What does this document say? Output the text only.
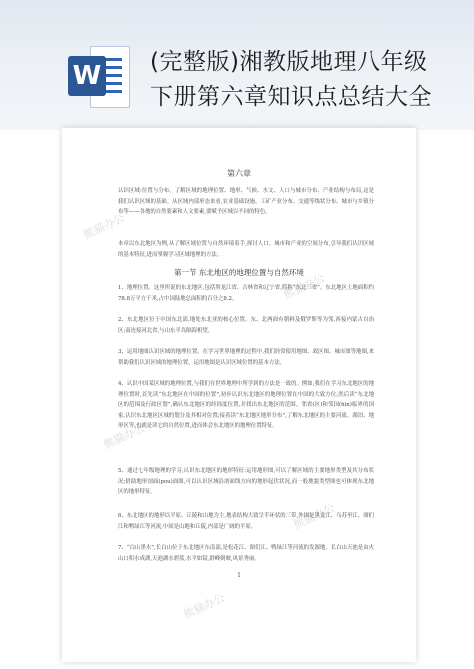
W (完整版)湘教版地理八年级
下册第六章知识点总结大全
熊猫办公
熊猫办公
熊猫办公
熊猫办公
熊猫办公
第六章
认识区域:位置与分布。了解区域的地理位置、地形、气候、水文、人口与城市分布、产业结构与布局,这是我们认识区域的基础。从区域内部形态来看,农业基础设施、工矿产业分布、交通等线状分布、城市与乡镇分布等——各地的自然要素和人文要素,要赋予区域以不同的特色。
本章以东北地区为例,从了解区域位置与自然环境着手,探讨人口、城市和产业的空间分布,引导我们认识区域的基本特征,进而掌握学习区域地理的方法。
第一节 东北地区的地理位置与自然环境
1、地理位置。这里所说的东北地区,包括黑龙江省、吉林省和辽宁省,简称“东北三省”。东北地区土地面积约78.8万平方千米,占中国陆地总面积的百分之8.2。
2、东北地区位于中国东北部,地处东北亚的核心位置。东、北两面有朝鲜及俄罗斯等为邻,西接内蒙古自治区;南连接河北省,与山东半岛隔海相望。
3、运用地图认识区域的地理位置。在学习世界地理的过程中,我们经常使用地图、政区图、城市图等地图,来帮助我们认识区域的地理位置。运用地图是认识区域位置的基本方法。
4、认识中国某区域的地理位置,与我们在世界地理中所学到的方法是一致的。例如,我们在学习东北地区的地理位置时,首先读“东北地区在中国的位置”,初步认识东北地区的地理位置在中国的大致方位;然后读“东北地区的范围及行政区划”,确认东北地区的经纬度位置,并找出东北地区的范围。邻省(区)和邻国(hin)临界的国家,认识东北地区区域的划分及其相对位置;接着读“东北地区地形分布”,了解东北地区的主要河流、湖泊、地形区等,也就是读它的自然位置,进而体会东北地区的地理位置特征。
5、通过七年级地理的学习,认识东北地区的地形特征:运用地形图,可以了解区域的主要地形类型及其分布状况;借助地形剖面(pou)面图,可以认识区域沿剖面线方向的地形起伏状况,而一般地貌类型图也可体现东北地区的地形特征。
6、东北地区的地形以平原、丘陵和山地为主,地表结构大致呈半环状的三带,外围是黑龙江、乌苏里江、图们江和鸭绿江等河流,中间是山地和丘陵,内部是广阔的平原。
7、“白山黑水”,长白山位于东北地区东南部,是松花江、图们江、鸭绿江等河流的发源地。长白山天池是由火山口积水成湖,天池湖水碧蓝,水平如镜,群峰倒映,风景秀丽。
1
